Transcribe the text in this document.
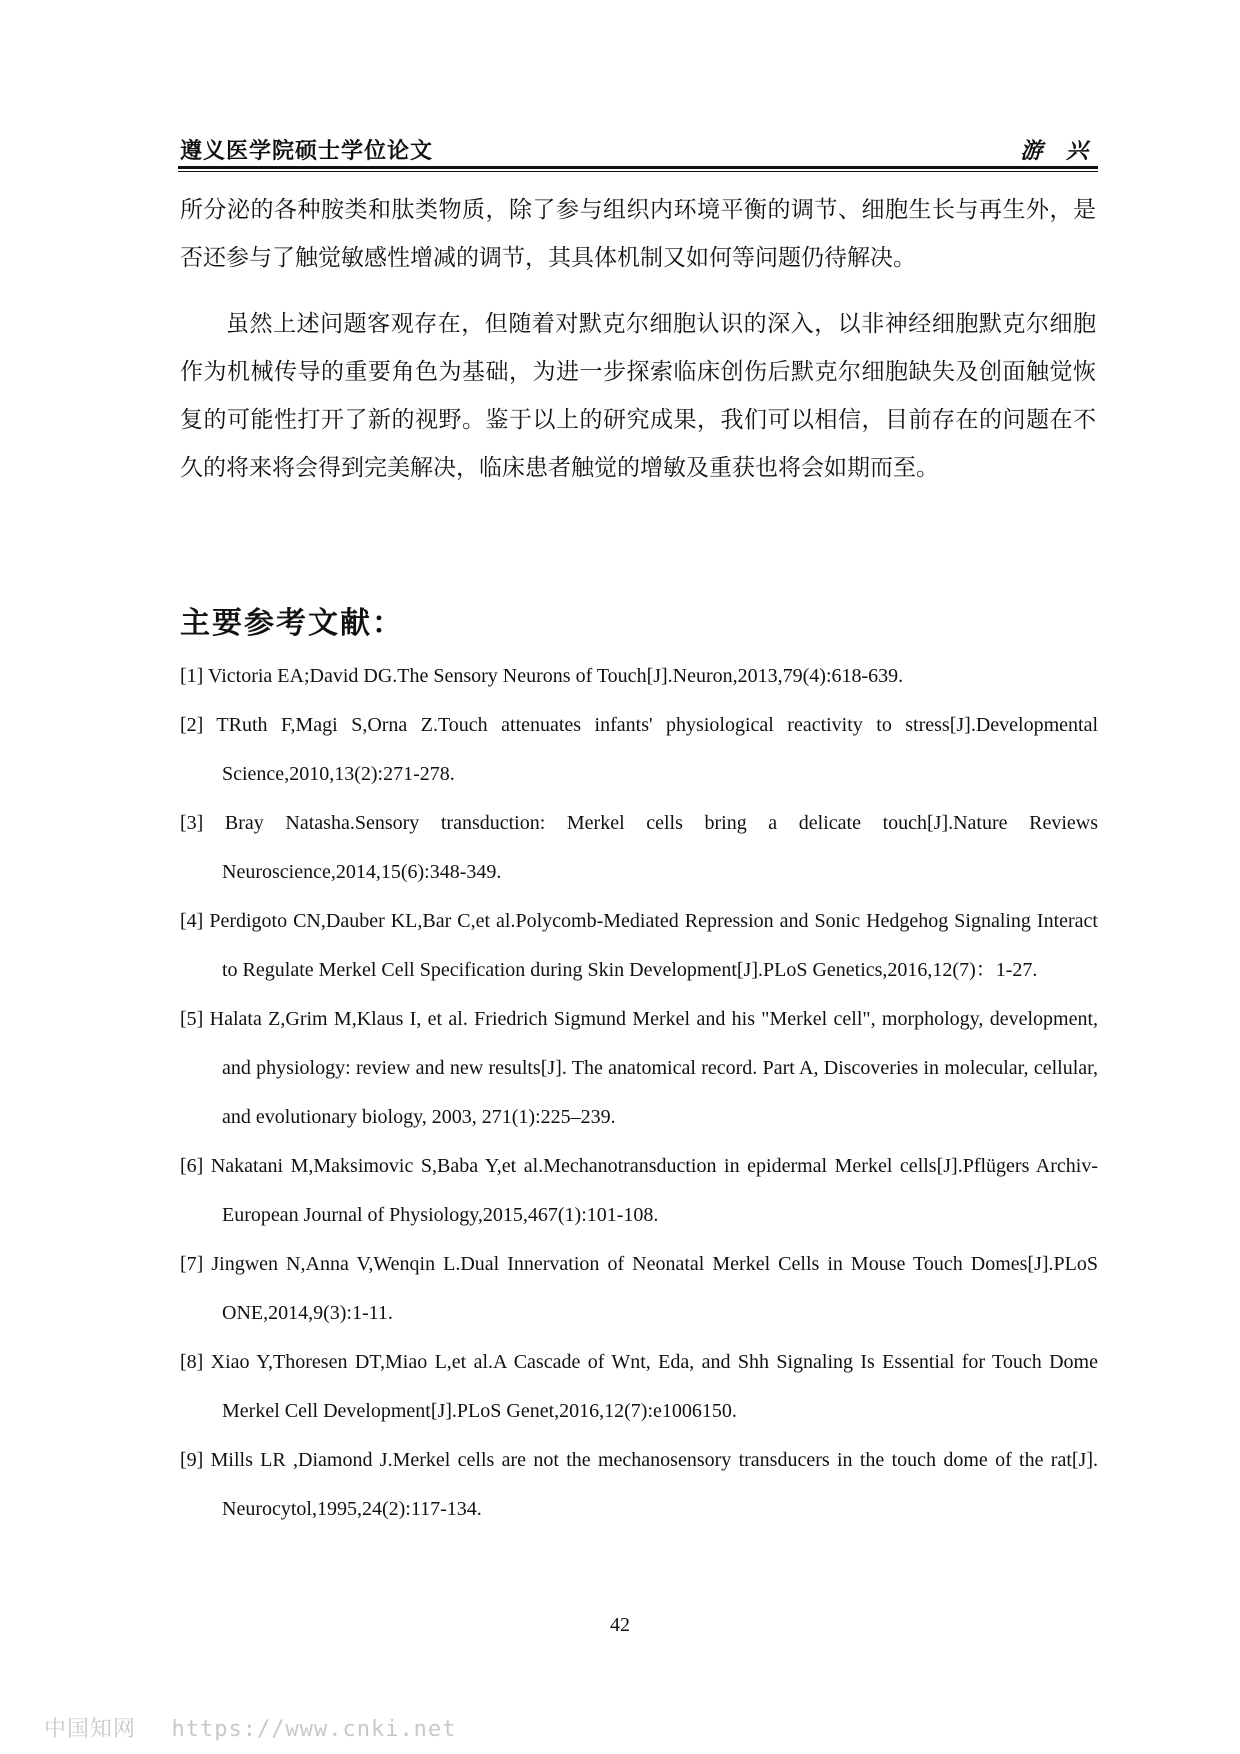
遵义医学院硕士学位论文	游 兴

所分泌的各种胺类和肽类物质，除了参与组织内环境平衡的调节、细胞生长与再生外，是否还参与了触觉敏感性增减的调节，其具体机制又如何等问题仍待解决。

虽然上述问题客观存在，但随着对默克尔细胞认识的深入，以非神经细胞默克尔细胞作为机械传导的重要角色为基础，为进一步探索临床创伤后默克尔细胞缺失及创面触觉恢复的可能性打开了新的视野。鉴于以上的研究成果，我们可以相信，目前存在的问题在不久的将来将会得到完美解决，临床患者触觉的增敏及重获也将会如期而至。

主要参考文献：
[1] Victoria EA;David DG.The Sensory Neurons of Touch[J].Neuron,2013,79(4):618-639.
[2] TRuth F,Magi S,Orna Z.Touch attenuates infants' physiological reactivity to stress[J].Developmental Science,2010,13(2):271-278.
[3] Bray Natasha.Sensory transduction: Merkel cells bring a delicate touch[J].Nature Reviews Neuroscience,2014,15(6):348-349.
[4] Perdigoto CN,Dauber KL,Bar C,et al.Polycomb-Mediated Repression and Sonic Hedgehog Signaling Interact to Regulate Merkel Cell Specification during Skin Development[J].PLoS Genetics,2016,12(7)：1-27.
[5] Halata Z,Grim M,Klaus I, et al. Friedrich Sigmund Merkel and his "Merkel cell", morphology, development, and physiology: review and new results[J]. The anatomical record. Part A, Discoveries in molecular, cellular, and evolutionary biology, 2003, 271(1):225–239.
[6] Nakatani M,Maksimovic S,Baba Y,et al.Mechanotransduction in epidermal Merkel cells[J].Pflügers Archiv-European Journal of Physiology,2015,467(1):101-108.
[7] Jingwen N,Anna V,Wenqin L.Dual Innervation of Neonatal Merkel Cells in Mouse Touch Domes[J].PLoS ONE,2014,9(3):1-11.
[8] Xiao Y,Thoresen DT,Miao L,et al.A Cascade of Wnt, Eda, and Shh Signaling Is Essential for Touch Dome Merkel Cell Development[J].PLoS Genet,2016,12(7):e1006150.
[9] Mills LR ,Diamond J.Merkel cells are not the mechanosensory transducers in the touch dome of the rat[J]. Neurocytol,1995,24(2):117-134.
42
中国知网 https://www.cnki.net
